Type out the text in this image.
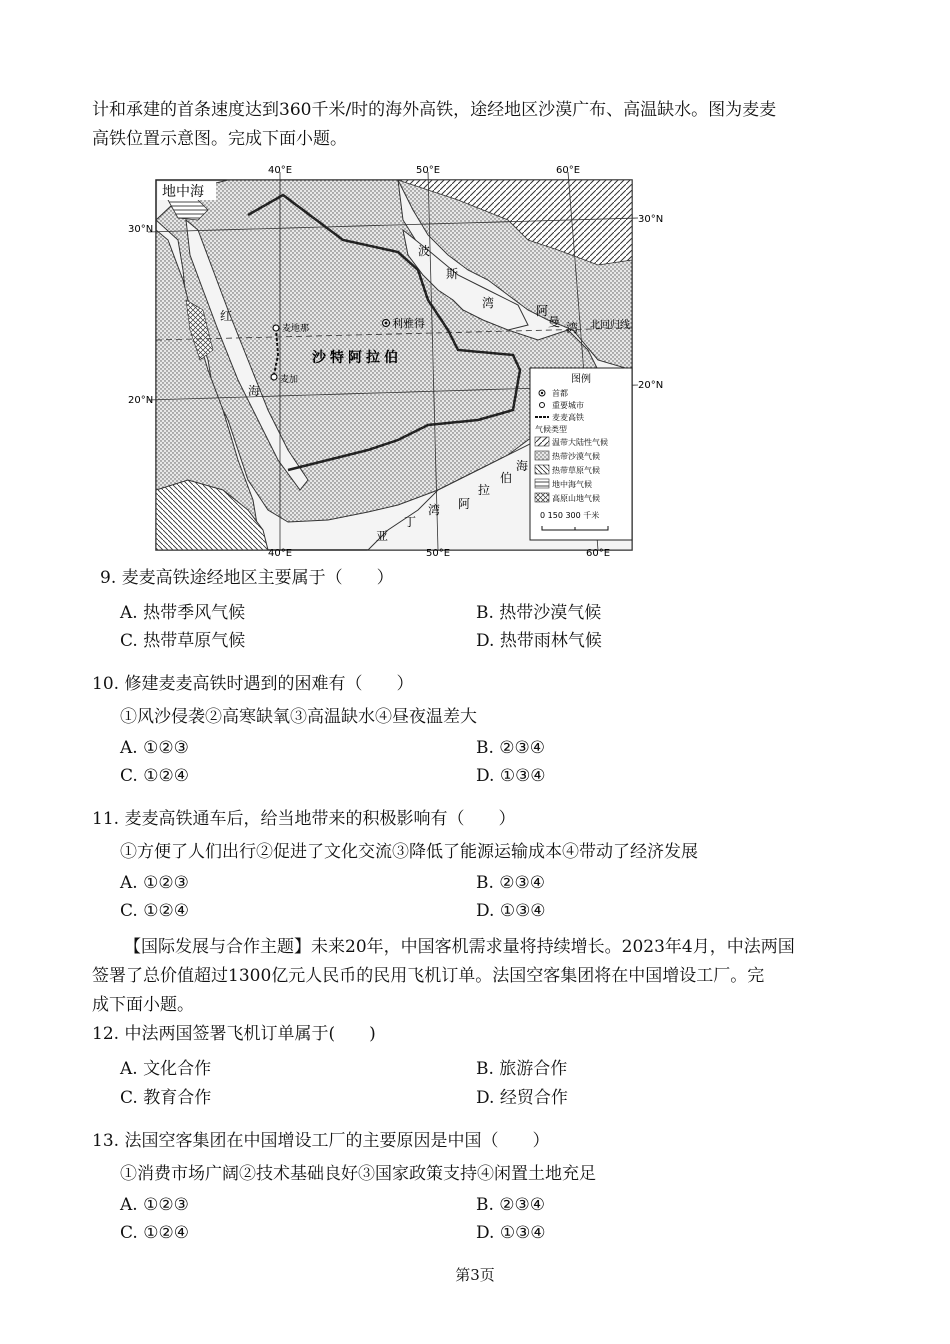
计和承建的首条速度达到360千米/时的海外高铁，途经地区沙漠广布、高温缺水。图为麦麦
高铁位置示意图。完成下面小题。
40°E	50°E	60°E
40°E	50°E	60°E
30°N
30°N
20°N
20°N
地中海
红
海
波
斯
湾
阿
曼 湾 北回归线
沙特阿拉伯
利雅得
麦地那
麦加
海
伯
拉
阿
亚
丁
湾
图例
首都
重要城市
麦麦高铁
气候类型
温带大陆性气候
热带沙漠气候
热带草原气候
地中海气候
高原山地气候
0 150 300 千米
9. 麦麦高铁途经地区主要属于（　　）
A. 热带季风气候	B. 热带沙漠气候
C. 热带草原气候	D. 热带雨林气候
10. 修建麦麦高铁时遇到的困难有（　　）
①风沙侵袭②高寒缺氧③高温缺水④昼夜温差大
A. ①②③	B. ②③④
C. ①②④	D. ①③④
11. 麦麦高铁通车后，给当地带来的积极影响有（　　）
①方便了人们出行②促进了文化交流③降低了能源运输成本④带动了经济发展
A. ①②③	B. ②③④
C. ①②④	D. ①③④
【国际发展与合作主题】未来20年，中国客机需求量将持续增长。2023年4月，中法两国
签署了总价值超过1300亿元人民币的民用飞机订单。法国空客集团将在中国增设工厂。完
成下面小题。
12. 中法两国签署飞机订单属于(　　)
A. 文化合作	B. 旅游合作
C. 教育合作	D. 经贸合作
13. 法国空客集团在中国增设工厂的主要原因是中国（　　）
①消费市场广阔②技术基础良好③国家政策支持④闲置土地充足
A. ①②③	B. ②③④
C. ①②④	D. ①③④
第3页
